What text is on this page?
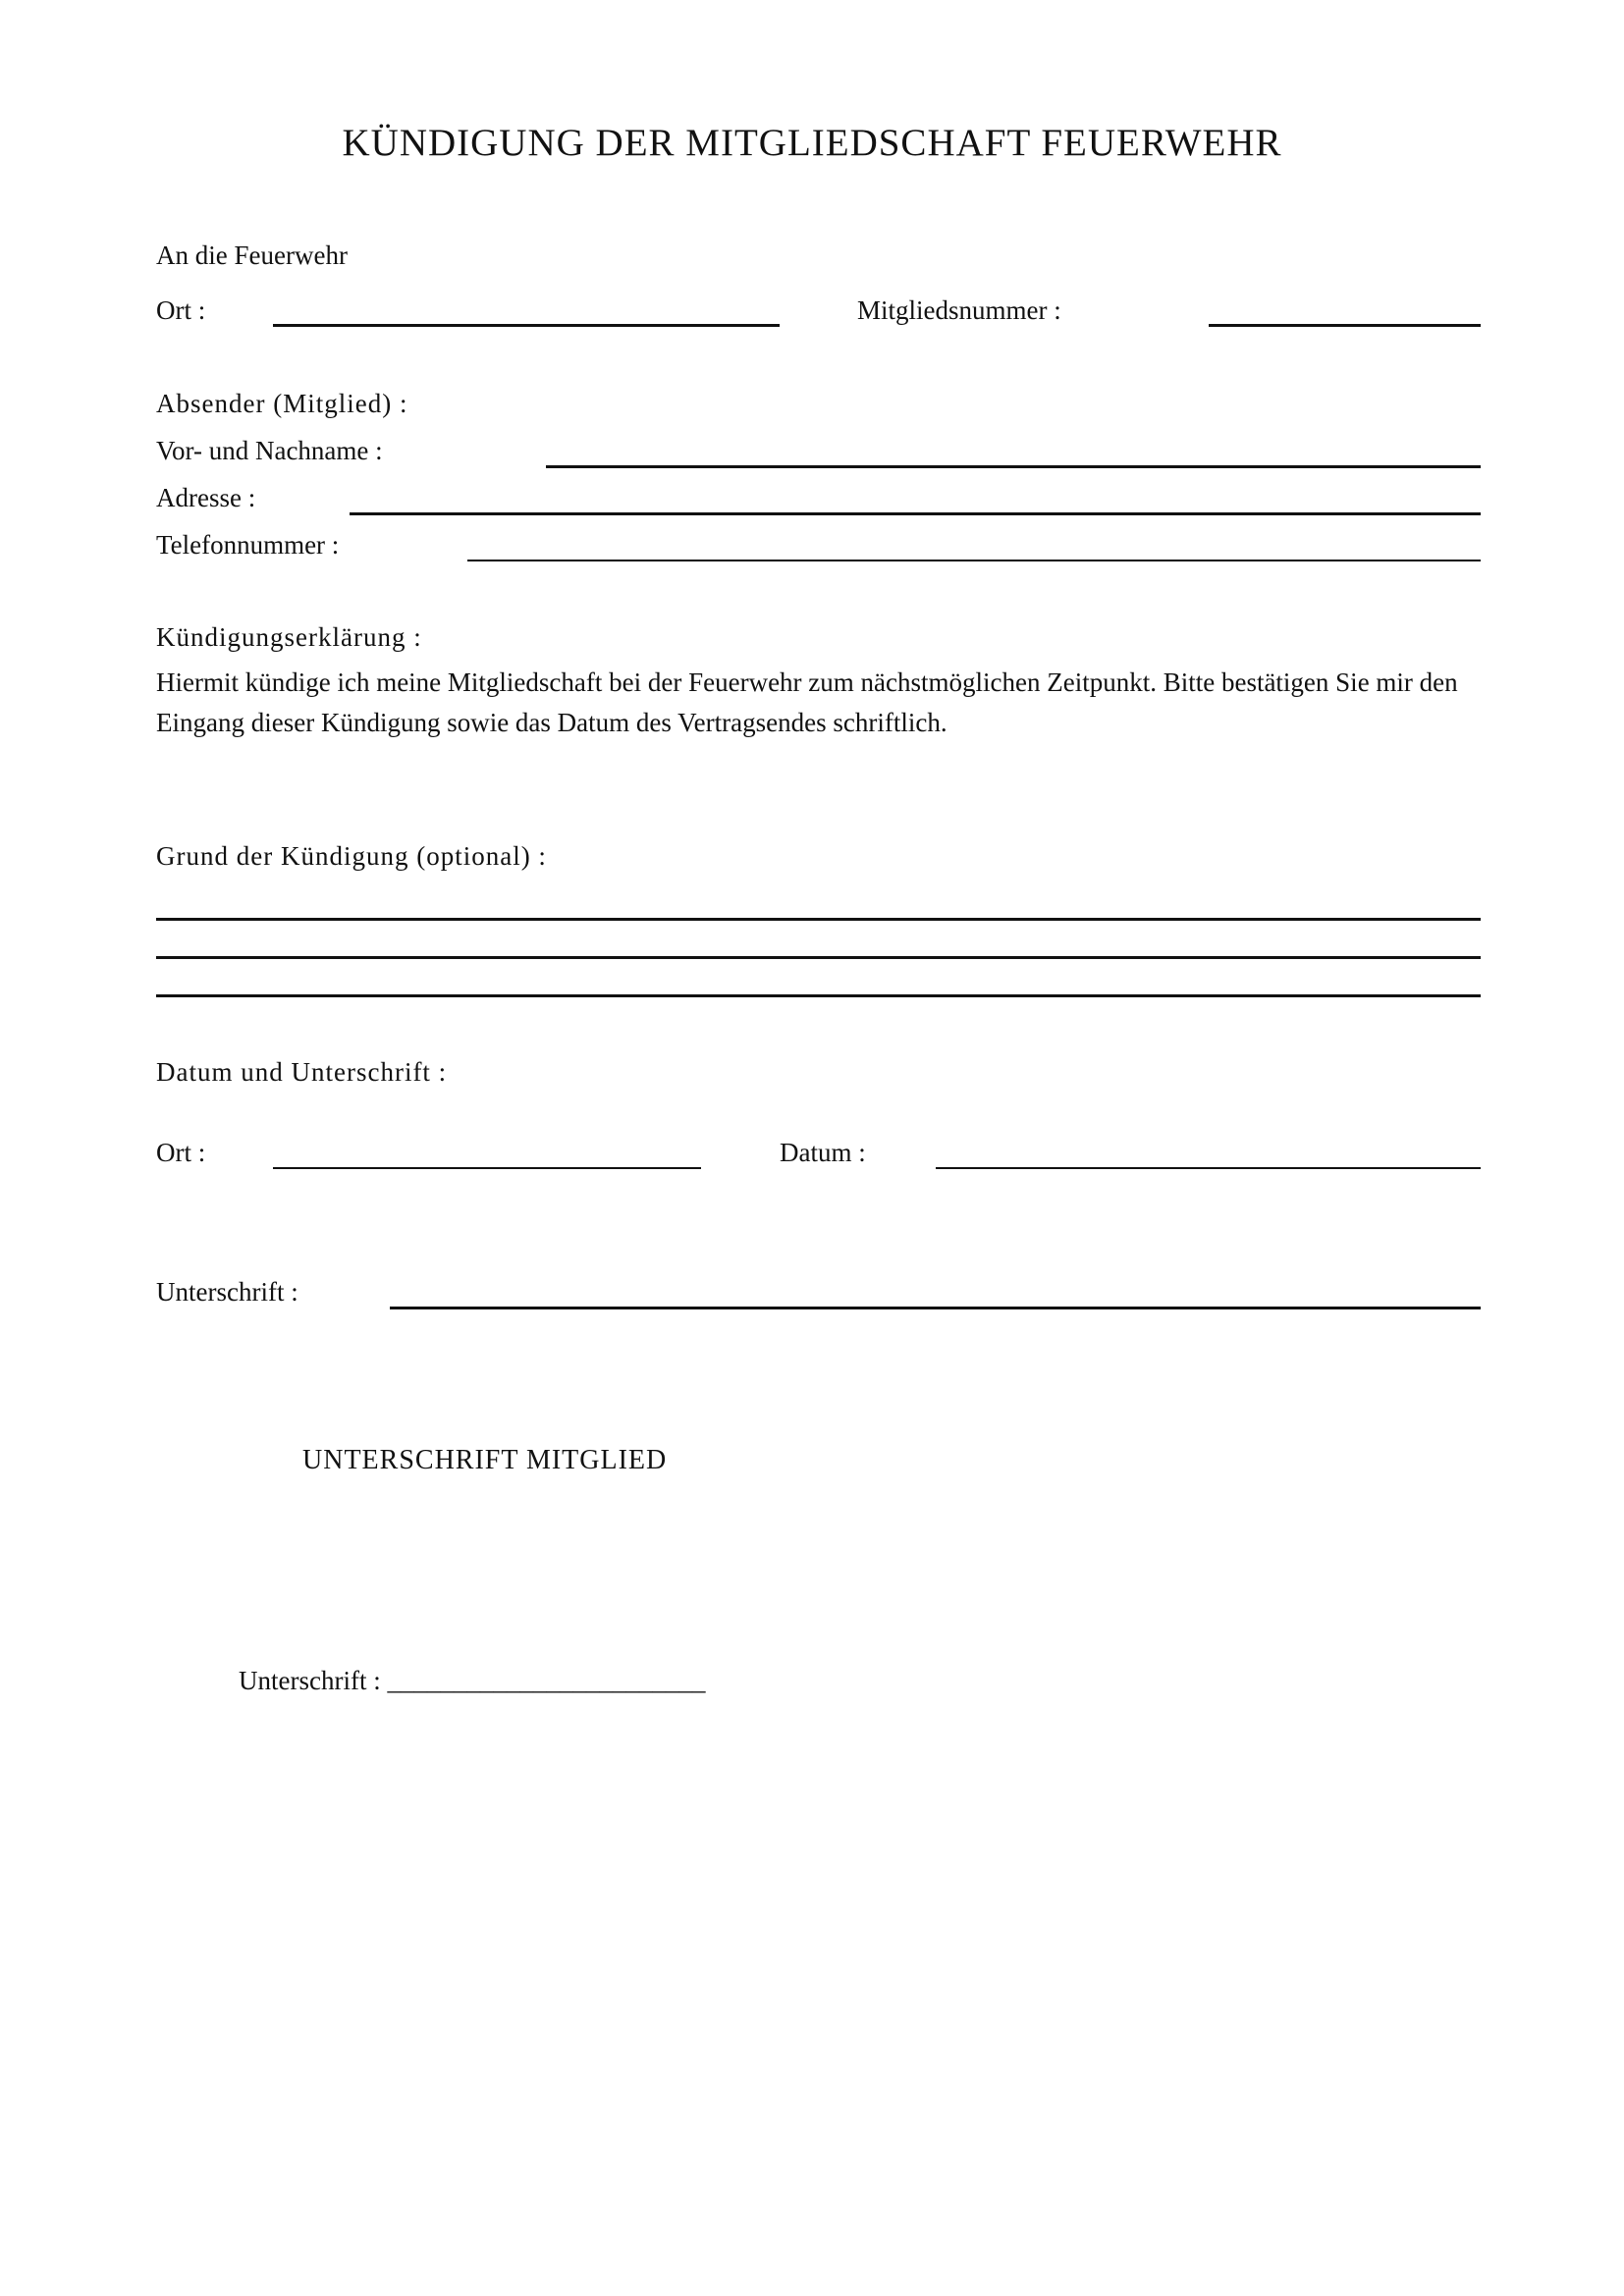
KÜNDIGUNG DER MITGLIEDSCHAFT FEUERWEHR
An die Feuerwehr
Ort :	Mitgliedsnummer :
Absender (Mitglied) :
Vor- und Nachname :
Adresse :
Telefonnummer :
Kündigungserklärung :
Hiermit kündige ich meine Mitgliedschaft bei der Feuerwehr zum nächstmöglichen Zeitpunkt. Bitte bestätigen Sie mir den Eingang dieser Kündigung sowie das Datum des Vertragsendes schriftlich.
Grund der Kündigung (optional) :
Datum und Unterschrift :
Ort :	Datum :
Unterschrift :
UNTERSCHRIFT MITGLIED
Unterschrift : ________________________
